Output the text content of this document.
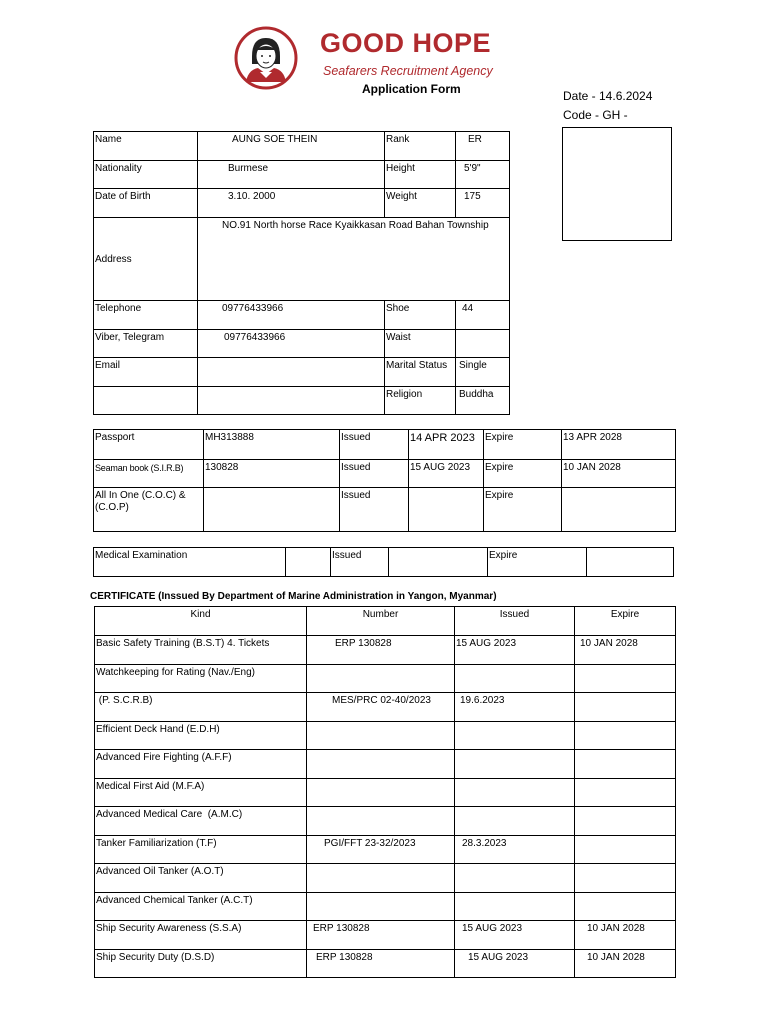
GOOD HOPE
Seafarers Recruitment Agency
Application Form	Date - 14.6.2024
Code - GH -
Name	AUNG SOE THEIN	Rank	ER
Nationality	Burmese	Height	5'9"
Date of Birth	3.10. 2000	Weight	175
Address	NO.91 North horse Race Kyaikkasan Road Bahan Township		
Telephone	09776433966	Shoe	44
Viber, Telegram	09776433966	Waist	
Email		Marital Status	Single
		Religion	Buddha
Passport	MH313888	Issued	14 APR 2023	Expire	13 APR 2028
Seaman book (S.I.R.B)	130828	Issued	15 AUG 2023	Expire	10 JAN 2028

All In One (C.O.C) &
(C.O.P)		Issued		Expire	
Medical Examination		Issued		Expire	
CERTIFICATE (Inssued By Department of Marine Administration in Yangon, Myanmar)
Kind	Number	Issued	Expire
Basic Safety Training (B.S.T) 4. Tickets	ERP 130828	15 AUG 2023	10 JAN 2028
Watchkeeping for Rating (Nav./Eng)			
(P. S.C.R.B)	MES/PRC 02-40/2023	19.6.2023	
Efficient Deck Hand (E.D.H)			
Advanced Fire Fighting (A.F.F)			
Medical First Aid (M.F.A)			
Advanced Medical Care  (A.M.C)			
Tanker Familiarization (T.F)	PGI/FFT 23-32/2023	28.3.2023	
Advanced Oil Tanker (A.O.T)			
Advanced Chemical Tanker (A.C.T)			
Ship Security Awareness (S.S.A)	ERP 130828	15 AUG 2023	10 JAN 2028
Ship Security Duty (D.S.D)	ERP 130828	15 AUG 2023	10 JAN 2028
